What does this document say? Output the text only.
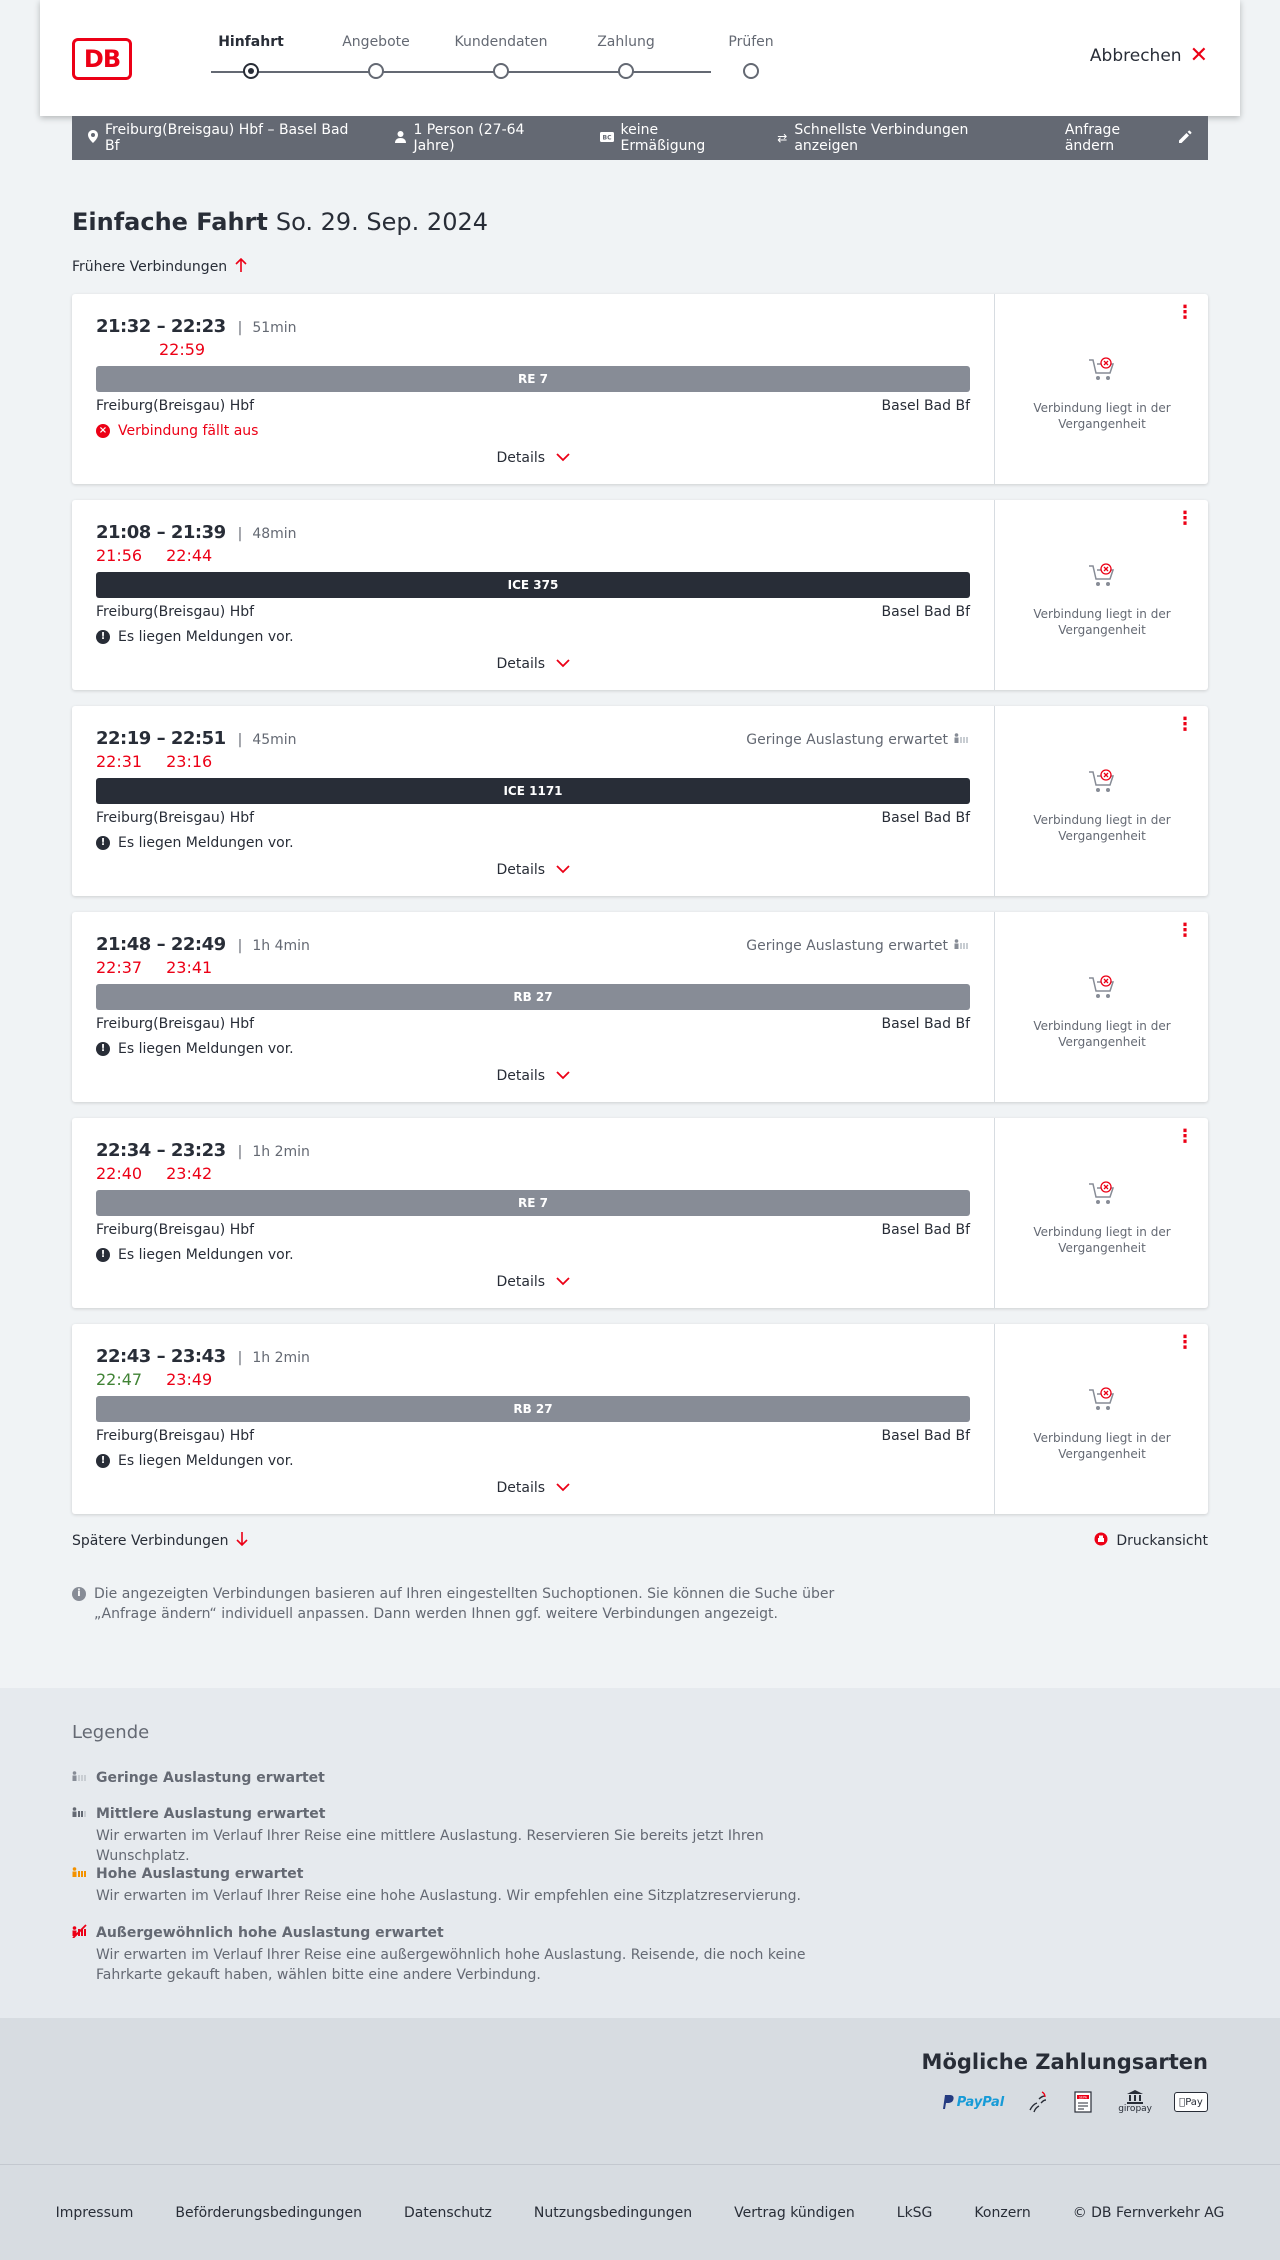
DB
Hinfahrt	Angebote	Kundendaten	Zahlung	Prüfen
Abbrechen ✕
Freiburg(Breisgau) Hbf – Basel Bad Bf
1 Person (27-64 Jahre)	BC keine Ermäßigung	⇄ Schnellste Verbindungen anzeigen
Anfrage ändern
Einfache Fahrt So. 29. Sep. 2024
Frühere Verbindungen
21:32 – 22:23 | 51min
22:59
RE 7
Freiburg(Breisgau) Hbf	Basel Bad Bf
× Verbindung fällt aus
Details
⋮
Verbindung liegt in der Vergangenheit
21:08 – 21:39 | 48min
21:56 22:44
ICE 375
Freiburg(Breisgau) Hbf	Basel Bad Bf
! Es liegen Meldungen vor.
Details
⋮
Verbindung liegt in der Vergangenheit
22:19 – 22:51 | 45min	Geringe Auslastung erwartet
22:31 23:16
ICE 1171
Freiburg(Breisgau) Hbf	Basel Bad Bf
! Es liegen Meldungen vor.
Details
⋮
Verbindung liegt in der Vergangenheit
21:48 – 22:49 | 1h 4min	Geringe Auslastung erwartet
22:37 23:41
RB 27
Freiburg(Breisgau) Hbf	Basel Bad Bf
! Es liegen Meldungen vor.
Details
⋮
Verbindung liegt in der Vergangenheit
22:34 – 23:23 | 1h 2min
22:40 23:42
RE 7
Freiburg(Breisgau) Hbf	Basel Bad Bf
! Es liegen Meldungen vor.
Details
⋮
Verbindung liegt in der Vergangenheit
22:43 – 23:43 | 1h 2min
22:47 23:49
RB 27
Freiburg(Breisgau) Hbf	Basel Bad Bf
! Es liegen Meldungen vor.
Details
⋮
Verbindung liegt in der Vergangenheit
Spätere Verbindungen	Druckansicht
i Die angezeigten Verbindungen basieren auf Ihren eingestellten Suchoptionen. Sie können die Suche über „Anfrage ändern“ individuell anpassen. Dann werden Ihnen ggf. weitere Verbindungen angezeigt.
Legende
Geringe Auslastung erwartet
Mittlere Auslastung erwartet
Wir erwarten im Verlauf Ihrer Reise eine mittlere Auslastung. Reservieren Sie bereits jetzt Ihren Wunschplatz.
Hohe Auslastung erwartet
Wir erwarten im Verlauf Ihrer Reise eine hohe Auslastung. Wir empfehlen eine Sitzplatzreservierung.
Außergewöhnlich hohe Auslastung erwartet
Wir erwarten im Verlauf Ihrer Reise eine außergewöhnlich hohe Auslastung. Reisende, die noch keine Fahrkarte gekauft haben, wählen bitte eine andere Verbindung.
Mögliche Zahlungsarten
PayPal	SEPA
giropay
Pay
Impressum	Beförderungsbedingungen	Datenschutz	Nutzungsbedingungen	Vertrag kündigen	LkSG	Konzern	© DB Fernverkehr AG
